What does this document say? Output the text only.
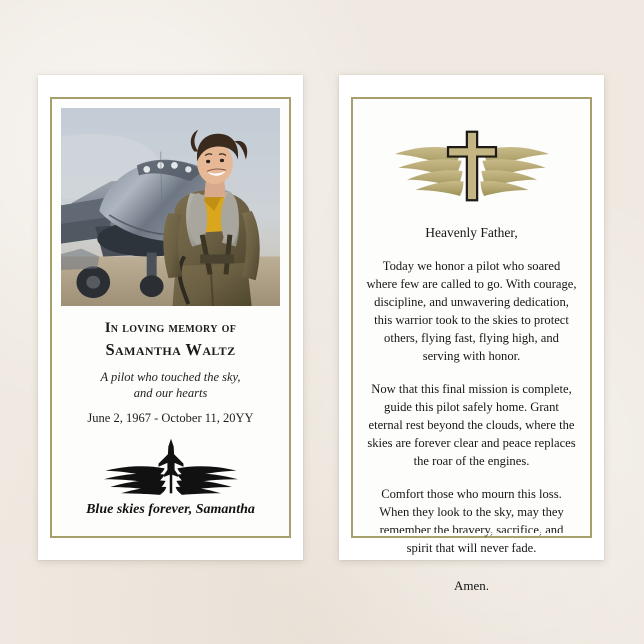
In loving memory of
Samantha Waltz
A pilot who touched the sky,
and our hearts
June 2, 1967 - October 11, 20YY
Blue skies forever, Samantha
Heavenly Father,
Today we honor a pilot who soared where few are called to go. With courage, discipline, and unwavering dedication, this warrior took to the skies to protect others, flying fast, flying high, and serving with honor.
Now that this final mission is complete, guide this pilot safely home. Grant eternal rest beyond the clouds, where the skies are forever clear and peace replaces the roar of the engines.
Comfort those who mourn this loss. When they look to the sky, may they remember the bravery, sacrifice, and spirit that will never fade.
Amen.
